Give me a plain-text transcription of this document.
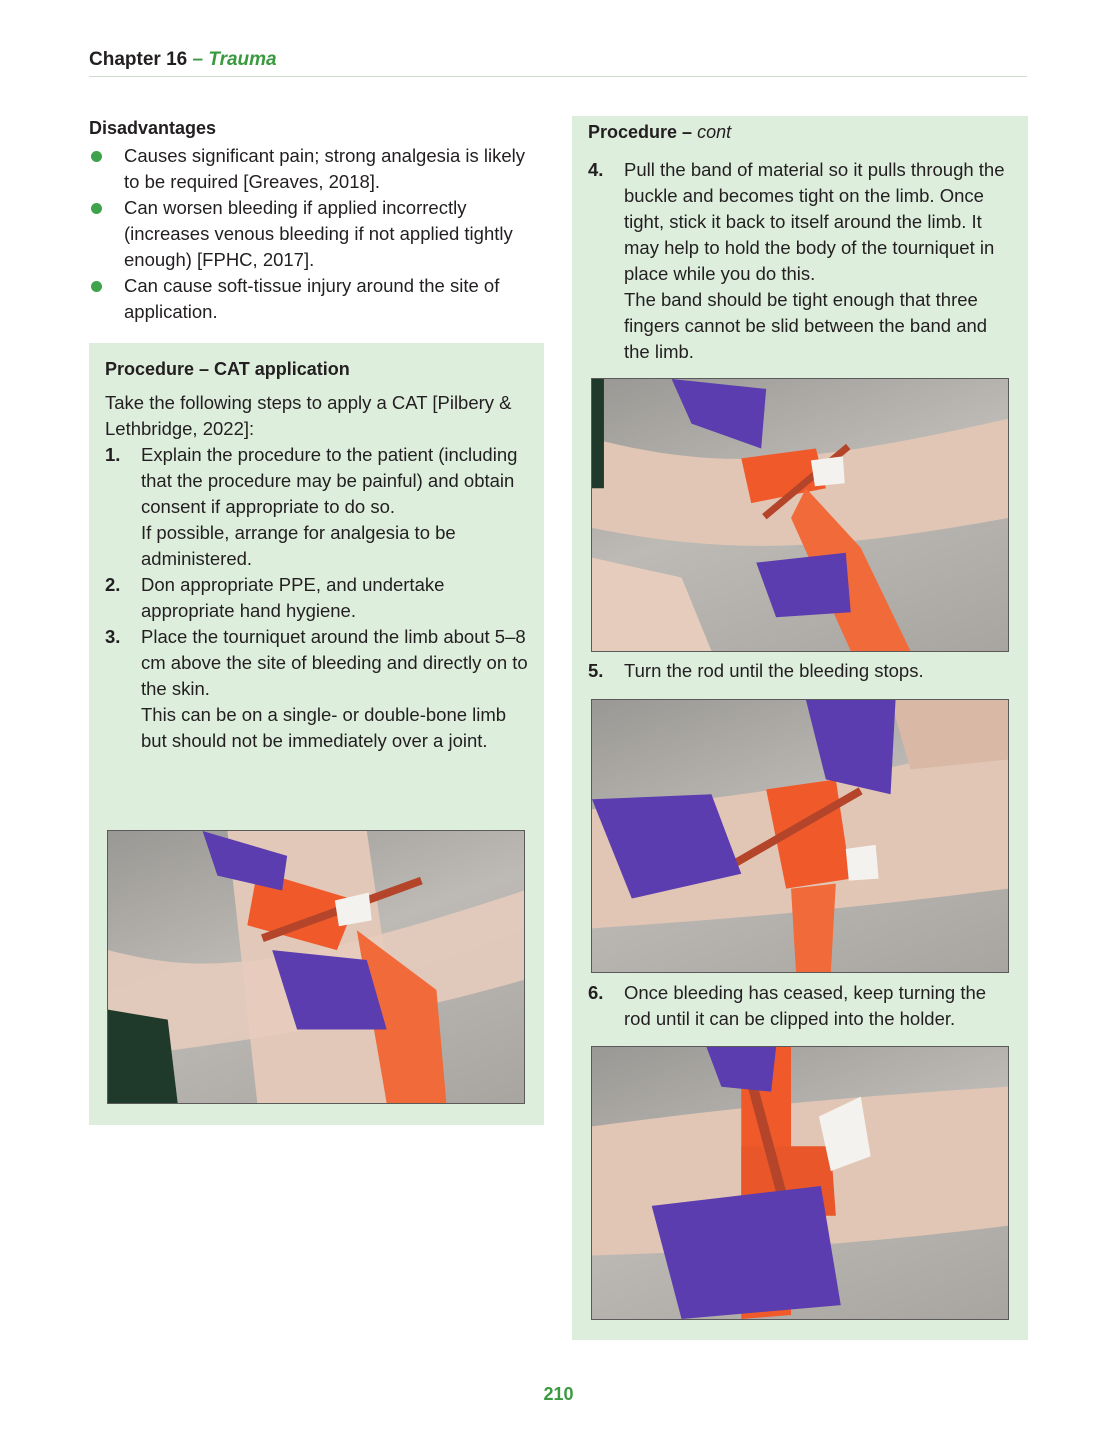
Chapter 16 – Trauma
Disadvantages
Causes significant pain; strong analgesia is likely to be required [Greaves, 2018].
Can worsen bleeding if applied incorrectly (increases venous bleeding if not applied tightly enough) [FPHC, 2017].
Can cause soft-tissue injury around the site of application.
Procedure – CAT application

Take the following steps to apply a CAT [Pilbery & Lethbridge, 2022]:

1. Explain the procedure to the patient (including that the procedure may be painful) and obtain consent if appropriate to do so.
If possible, arrange for analgesia to be administered.
2. Don appropriate PPE, and undertake appropriate hand hygiene.
3. Place the tourniquet around the limb about 5–8 cm above the site of bleeding and directly on to the skin.
This can be on a single- or double-bone limb but should not be immediately over a joint.
Procedure – cont
4. Pull the band of material so it pulls through the buckle and becomes tight on the limb. Once tight, stick it back to itself around the limb. It may help to hold the body of the tourniquet in place while you do this.
The band should be tight enough that three fingers cannot be slid between the band and the limb.
5. Turn the rod until the bleeding stops.
6. Once bleeding has ceased, keep turning the rod until it can be clipped into the holder.
210
